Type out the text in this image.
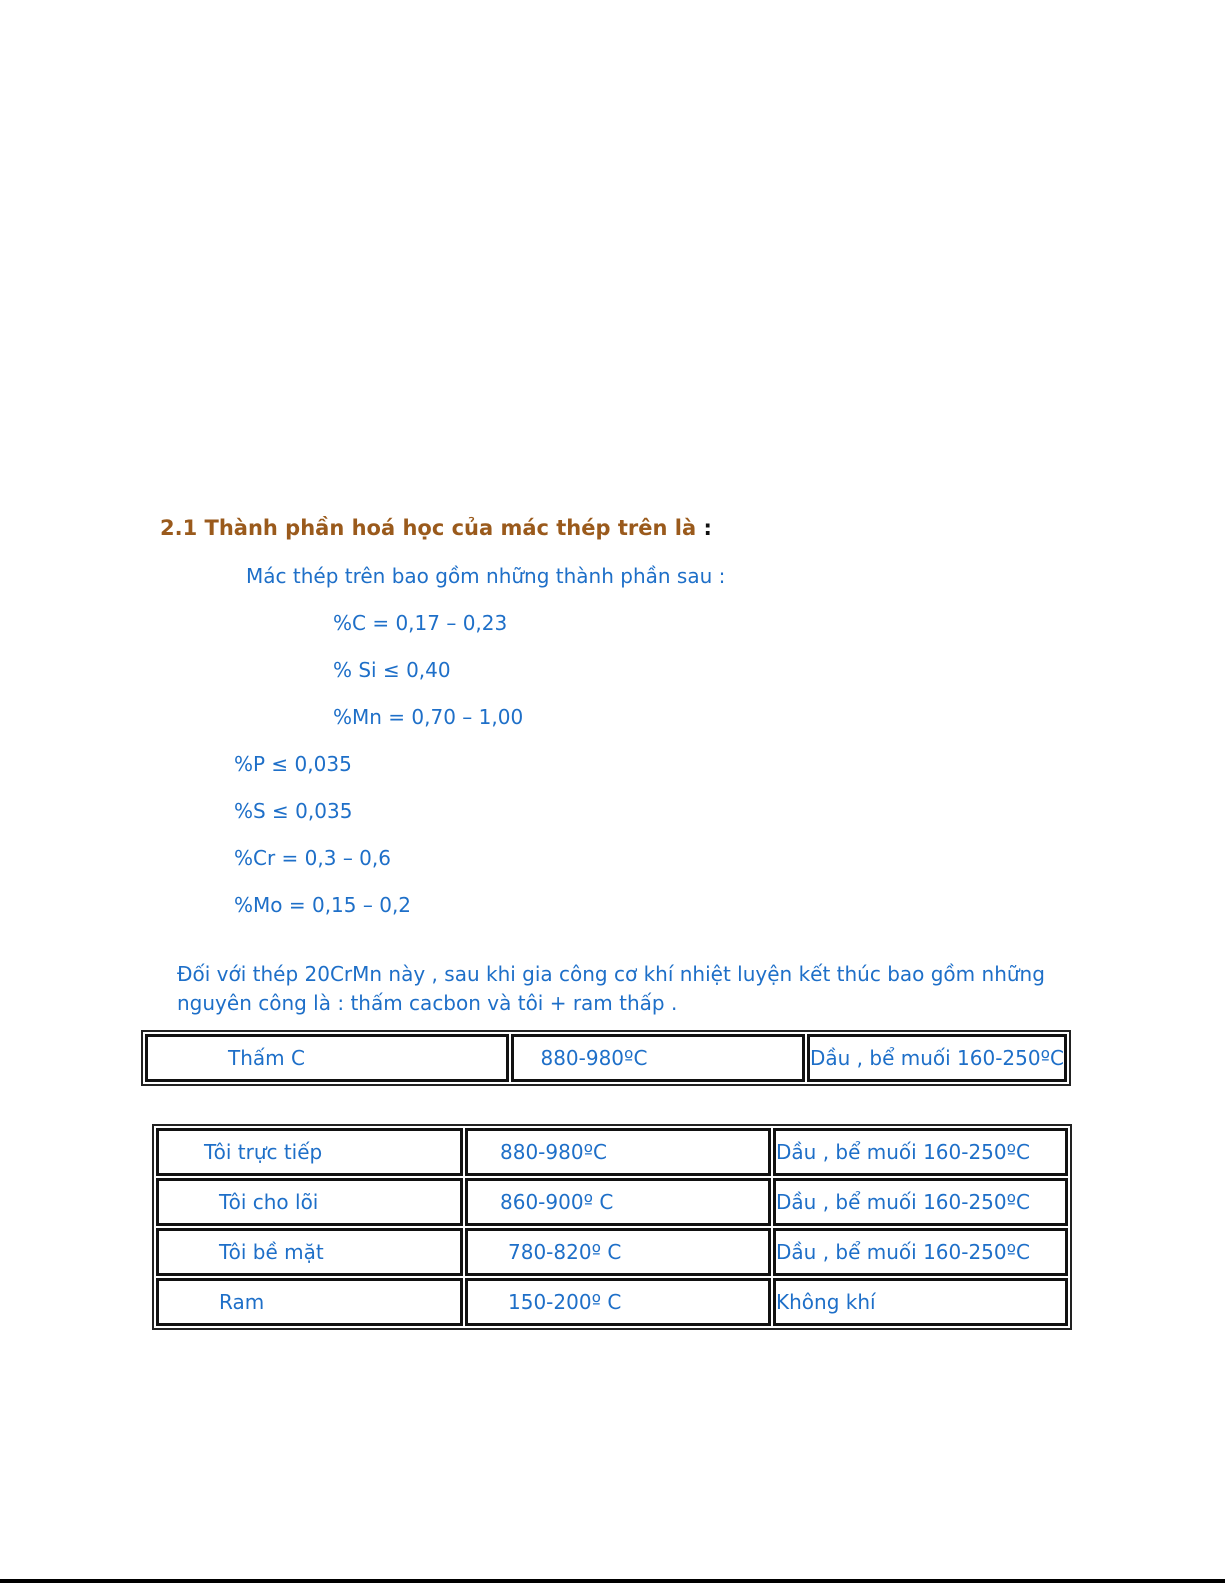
2.1 Thành phần hoá học của mác thép trên là :
Mác thép trên bao gồm những thành phần sau :
%C = 0,17 – 0,23
% Si ≤ 0,40
%Mn = 0,70 – 1,00
%P ≤ 0,035
%S ≤ 0,035
%Cr = 0,3 – 0,6
%Mo = 0,15 – 0,2
Đối với thép 20CrMn này , sau khi gia công cơ khí nhiệt luyện kết thúc bao gồm những
nguyên công là : thấm cacbon và tôi + ram thấp .
Thấm C	880-980ºC	Dầu , bể muối 160-250ºC
Tôi trực tiếp	880-980ºC	Dầu , bể muối 160-250ºC
Tôi cho lõi	860-900º C	Dầu , bể muối 160-250ºC
Tôi bề mặt	780-820º C	Dầu , bể muối 160-250ºC
Ram	150-200º C	Không khí
